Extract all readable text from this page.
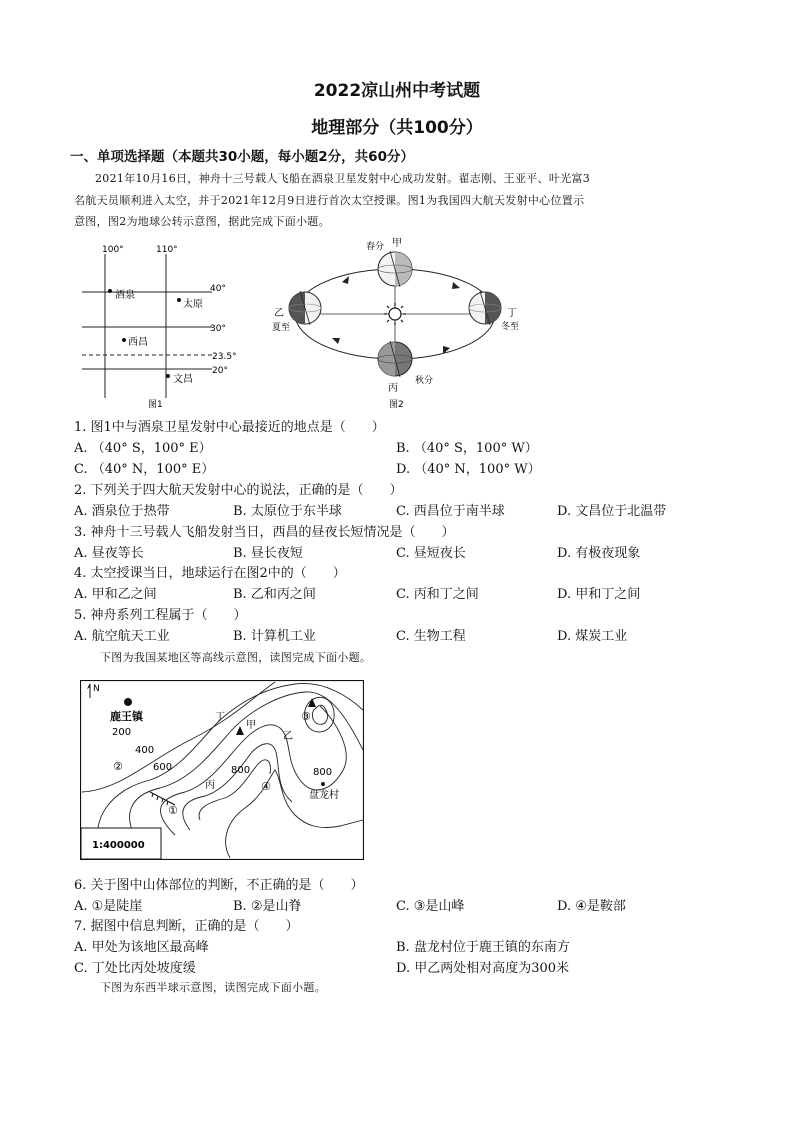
2022凉山州中考试题
地理部分（共100分）
一、单项选择题（本题共30小题，每小题2分，共60分）
2021年10月16日，神舟十三号载人飞船在酒泉卫星发射中心成功发射。翟志刚、王亚平、叶光富3
名航天员顺利进入太空，并于2021年12月9日进行首次太空授课。图1为我国四大航天发射中心位置示
意图，图2为地球公转示意图，据此完成下面小题。
100°	110°
40°
30°
23.5°
20°
酒泉
太原
西昌
文昌
图1
春分 甲
乙
夏至
丁
冬至
秋分
丙
图2
1. 图1中与酒泉卫星发射中心最接近的地点是（　　）
A. （40° S，100° E）	B. （40° S，100° W）
C. （40° N，100° E）	D. （40° N，100° W）
2. 下列关于四大航天发射中心的说法，正确的是（　　）
A. 酒泉位于热带	B. 太原位于东半球	C. 西昌位于南半球	D. 文昌位于北温带
3. 神舟十三号载人飞船发射当日，西昌的昼夜长短情况是（　　）
A. 昼夜等长	B. 昼长夜短	C. 昼短夜长	D. 有极夜现象
4. 太空授课当日，地球运行在图2中的（　　）
A. 甲和乙之间	B. 乙和丙之间	C. 丙和丁之间	D. 甲和丁之间
5. 神舟系列工程属于（　　）
A. 航空航天工业	B. 计算机工业	C. 生物工程	D. 煤炭工业
下图为我国某地区等高线示意图，读图完成下面小题。
N
鹿王镇
盘龙村
200
400
600	800	800
①
②
③
④
甲
乙
丙
丁
1:400000
6. 关于图中山体部位的判断，不正确的是（　　）
A. ①是陡崖	B. ②是山脊	C. ③是山峰	D. ④是鞍部
7. 据图中信息判断，正确的是（　　）
A. 甲处为该地区最高峰	B. 盘龙村位于鹿王镇的东南方
C. 丁处比丙处坡度缓	D. 甲乙两处相对高度为300米
下图为东西半球示意图，读图完成下面小题。
